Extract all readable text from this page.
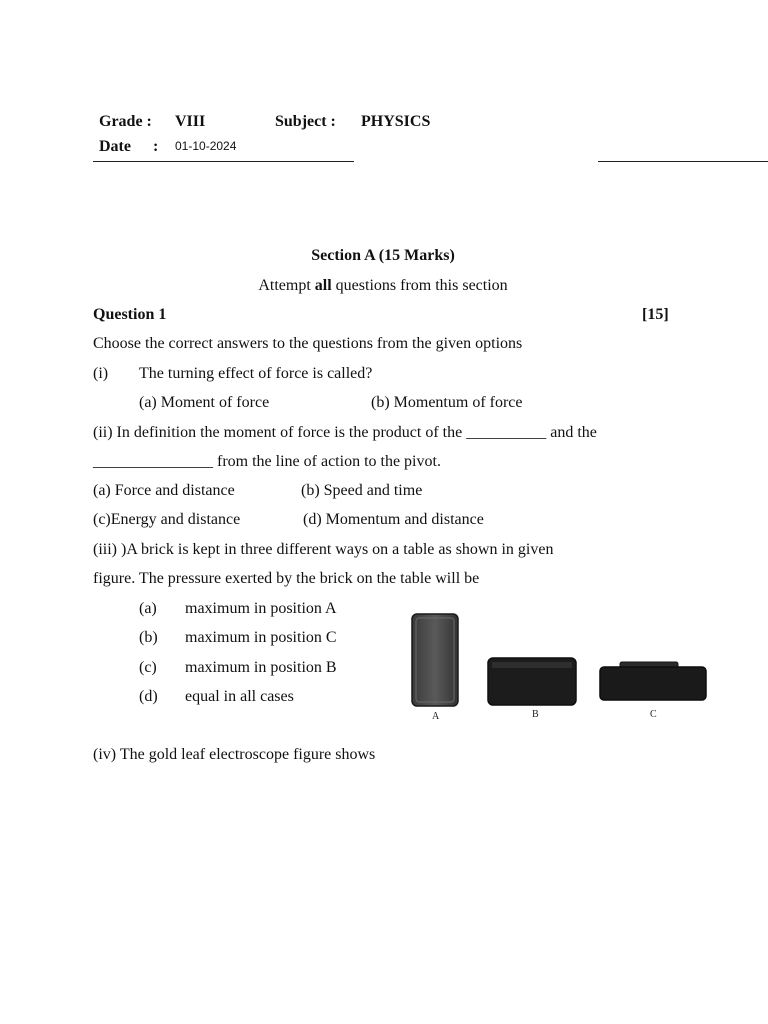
Grade : VIII	Subject : PHYSICS
Date : 01-10-2024
Section A (15 Marks)
Attempt all questions from this section
Question 1	[15]
Choose the correct answers to the questions from the given options
(i) The turning effect of force is called?
(a) Moment of force	(b) Momentum of force
(ii) In definition the moment of force is the product of the __________ and the
_______________ from the line of action to the pivot.
(a) Force and distance	(b) Speed and time
(c)Energy and distance	(d) Momentum and distance
(iii) )A brick is kept in three different ways on a table as shown in given
figure. The pressure exerted by the brick on the table will be
(a) maximum in position A
(b) maximum in position C
(c) maximum in position B
(d) equal in all cases
A	B	C
(iv) The gold leaf electroscope figure shows
